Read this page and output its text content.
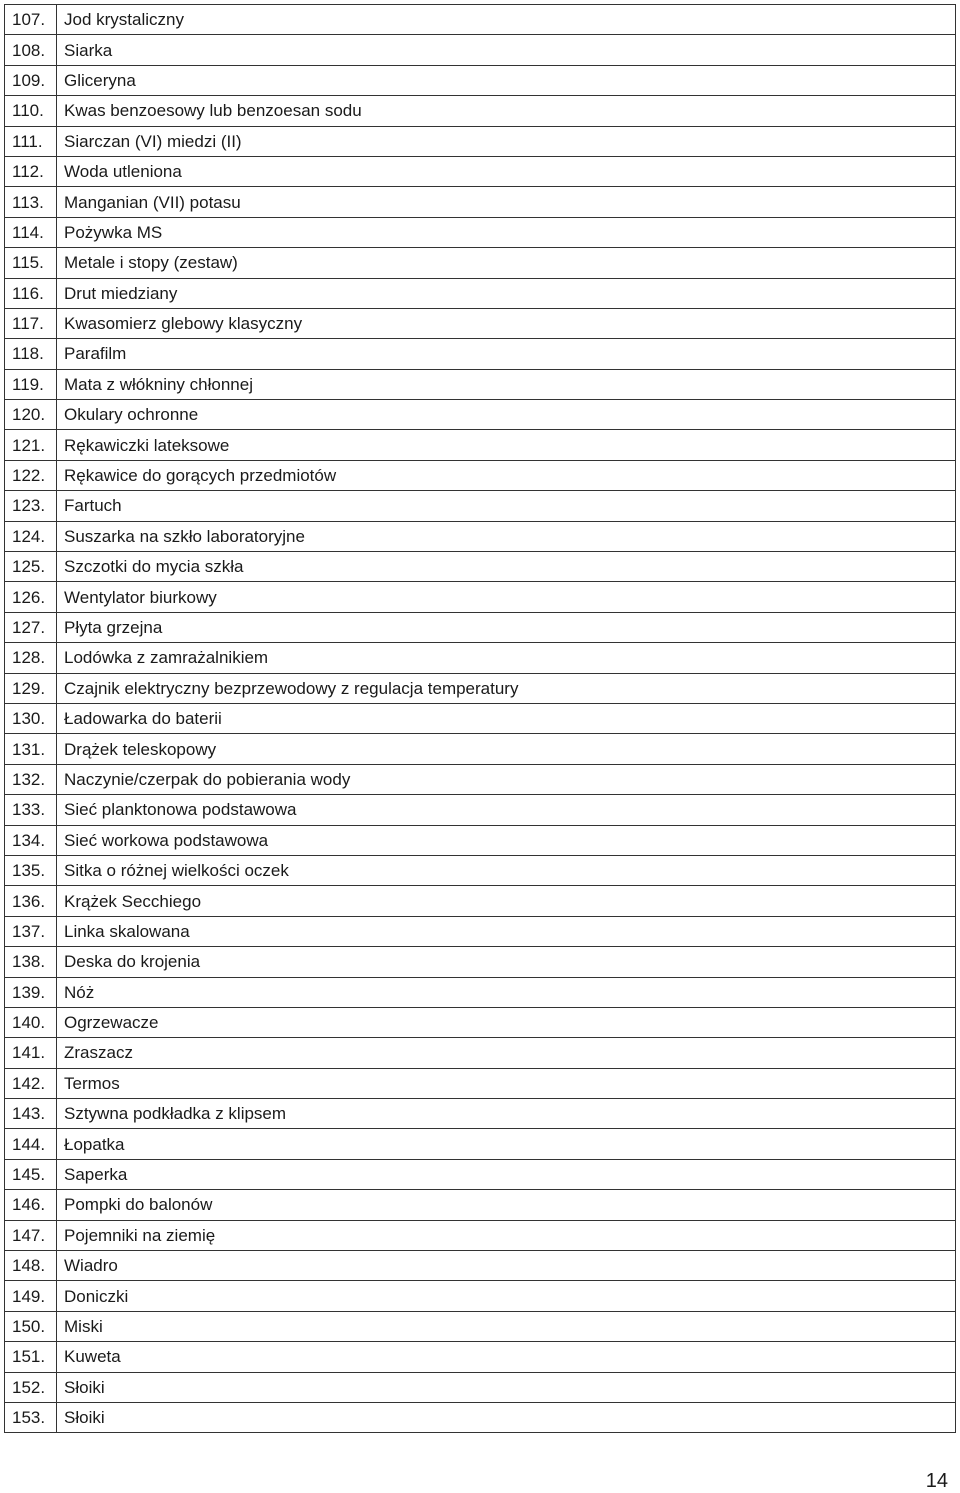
107.	Jod krystaliczny
108.	Siarka
109.	Gliceryna
110.	Kwas benzoesowy lub benzoesan sodu
111.	Siarczan (VI) miedzi (II)
112.	Woda utleniona
113.	Manganian (VII) potasu
114.	Pożywka MS
115.	Metale i stopy (zestaw)
116.	Drut miedziany
117.	Kwasomierz glebowy klasyczny
118.	Parafilm
119.	Mata z włókniny chłonnej
120.	Okulary ochronne
121.	Rękawiczki lateksowe
122.	Rękawice do gorących przedmiotów
123.	Fartuch
124.	Suszarka na szkło laboratoryjne
125.	Szczotki do mycia szkła
126.	Wentylator biurkowy
127.	Płyta grzejna
128.	Lodówka z zamrażalnikiem
129.	Czajnik elektryczny bezprzewodowy z regulacja temperatury
130.	Ładowarka do baterii
131.	Drążek teleskopowy
132.	Naczynie/czerpak do pobierania wody
133.	Sieć planktonowa podstawowa
134.	Sieć workowa podstawowa
135.	Sitka o różnej wielkości oczek
136.	Krążek Secchiego
137.	Linka skalowana
138.	Deska do krojenia
139.	Nóż
140.	Ogrzewacze
141.	Zraszacz
142.	Termos
143.	Sztywna podkładka z klipsem
144.	Łopatka
145.	Saperka
146.	Pompki do balonów
147.	Pojemniki na ziemię
148.	Wiadro
149.	Doniczki
150.	Miski
151.	Kuweta
152.	Słoiki
153.	Słoiki
14
